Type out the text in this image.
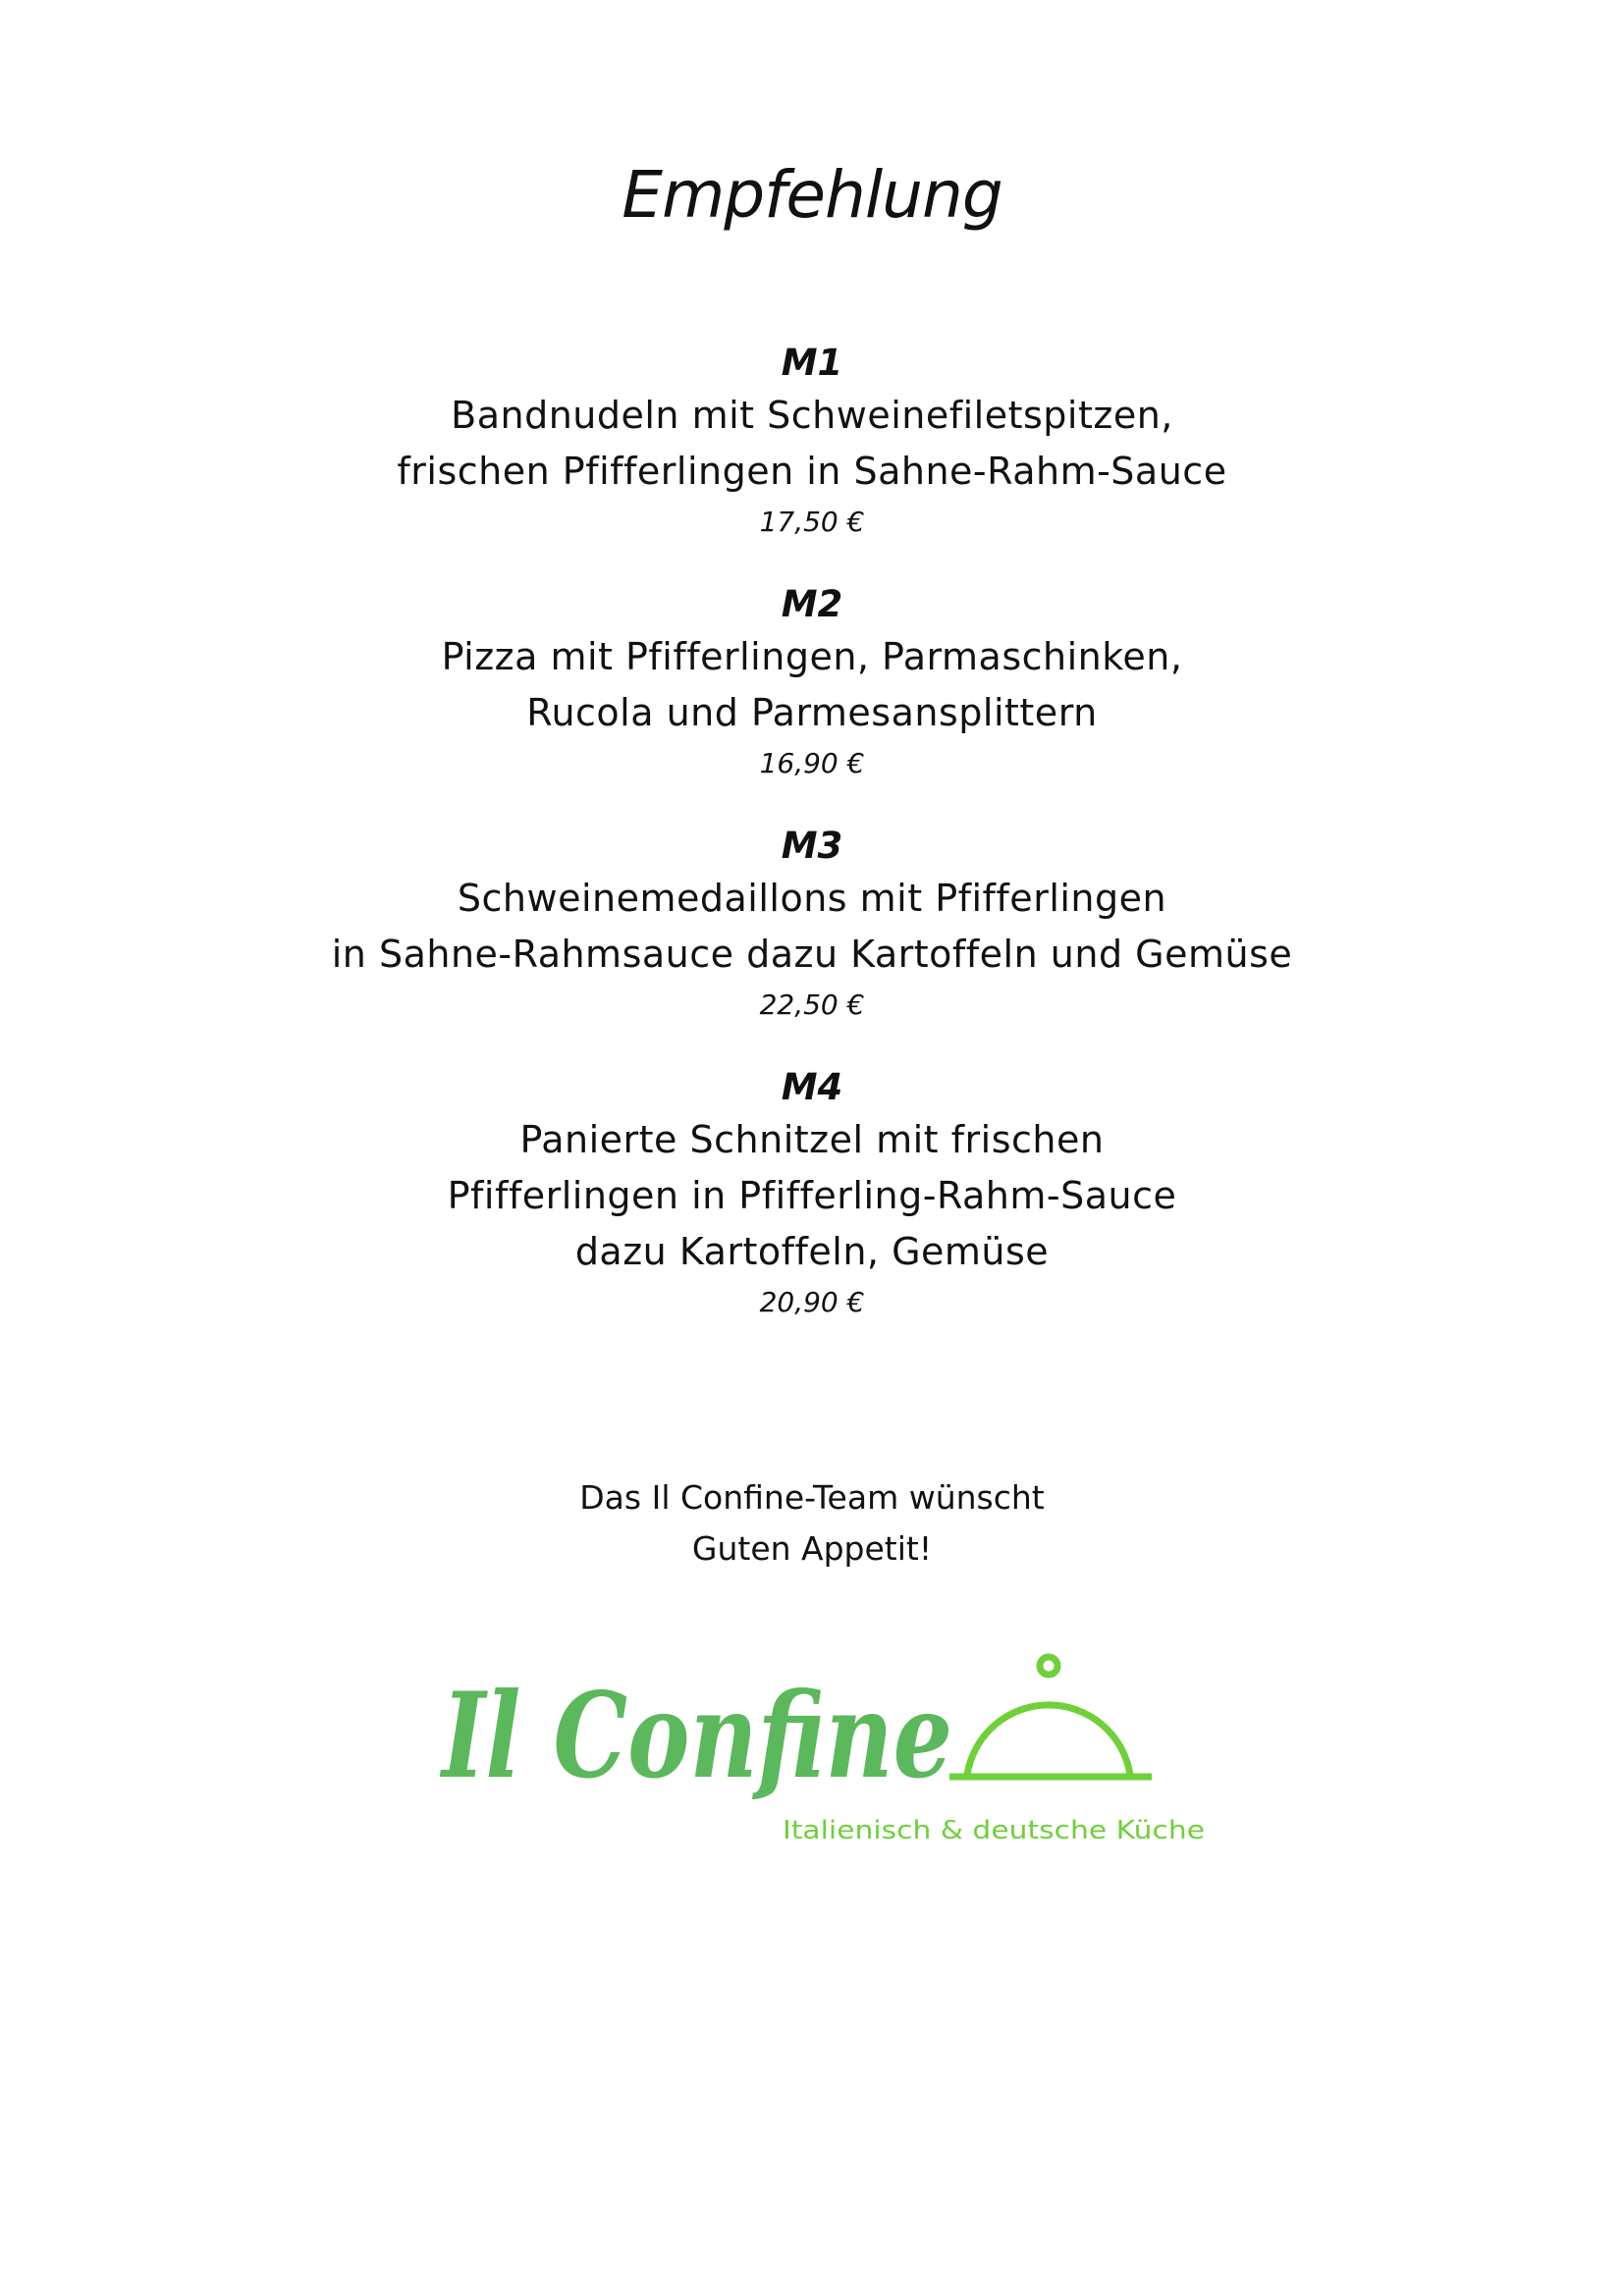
Empfehlung
M1
Bandnudeln mit Schweinefiletspitzen,
frischen Pfifferlingen in Sahne-Rahm-Sauce
17,50 €
M2
Pizza mit Pfifferlingen, Parmaschinken,
Rucola und Parmesansplittern
16,90 €
M3
Schweinemedaillons mit Pfifferlingen
in Sahne-Rahmsauce dazu Kartoffeln und Gemüse
22,50 €
M4
Panierte Schnitzel mit frischen
Pfifferlingen in Pfifferling-Rahm-Sauce
dazu Kartoffeln, Gemüse
20,90 €
Das Il Confine-Team wünscht
Guten Appetit!
Il Confine
Italienisch & deutsche Küche
